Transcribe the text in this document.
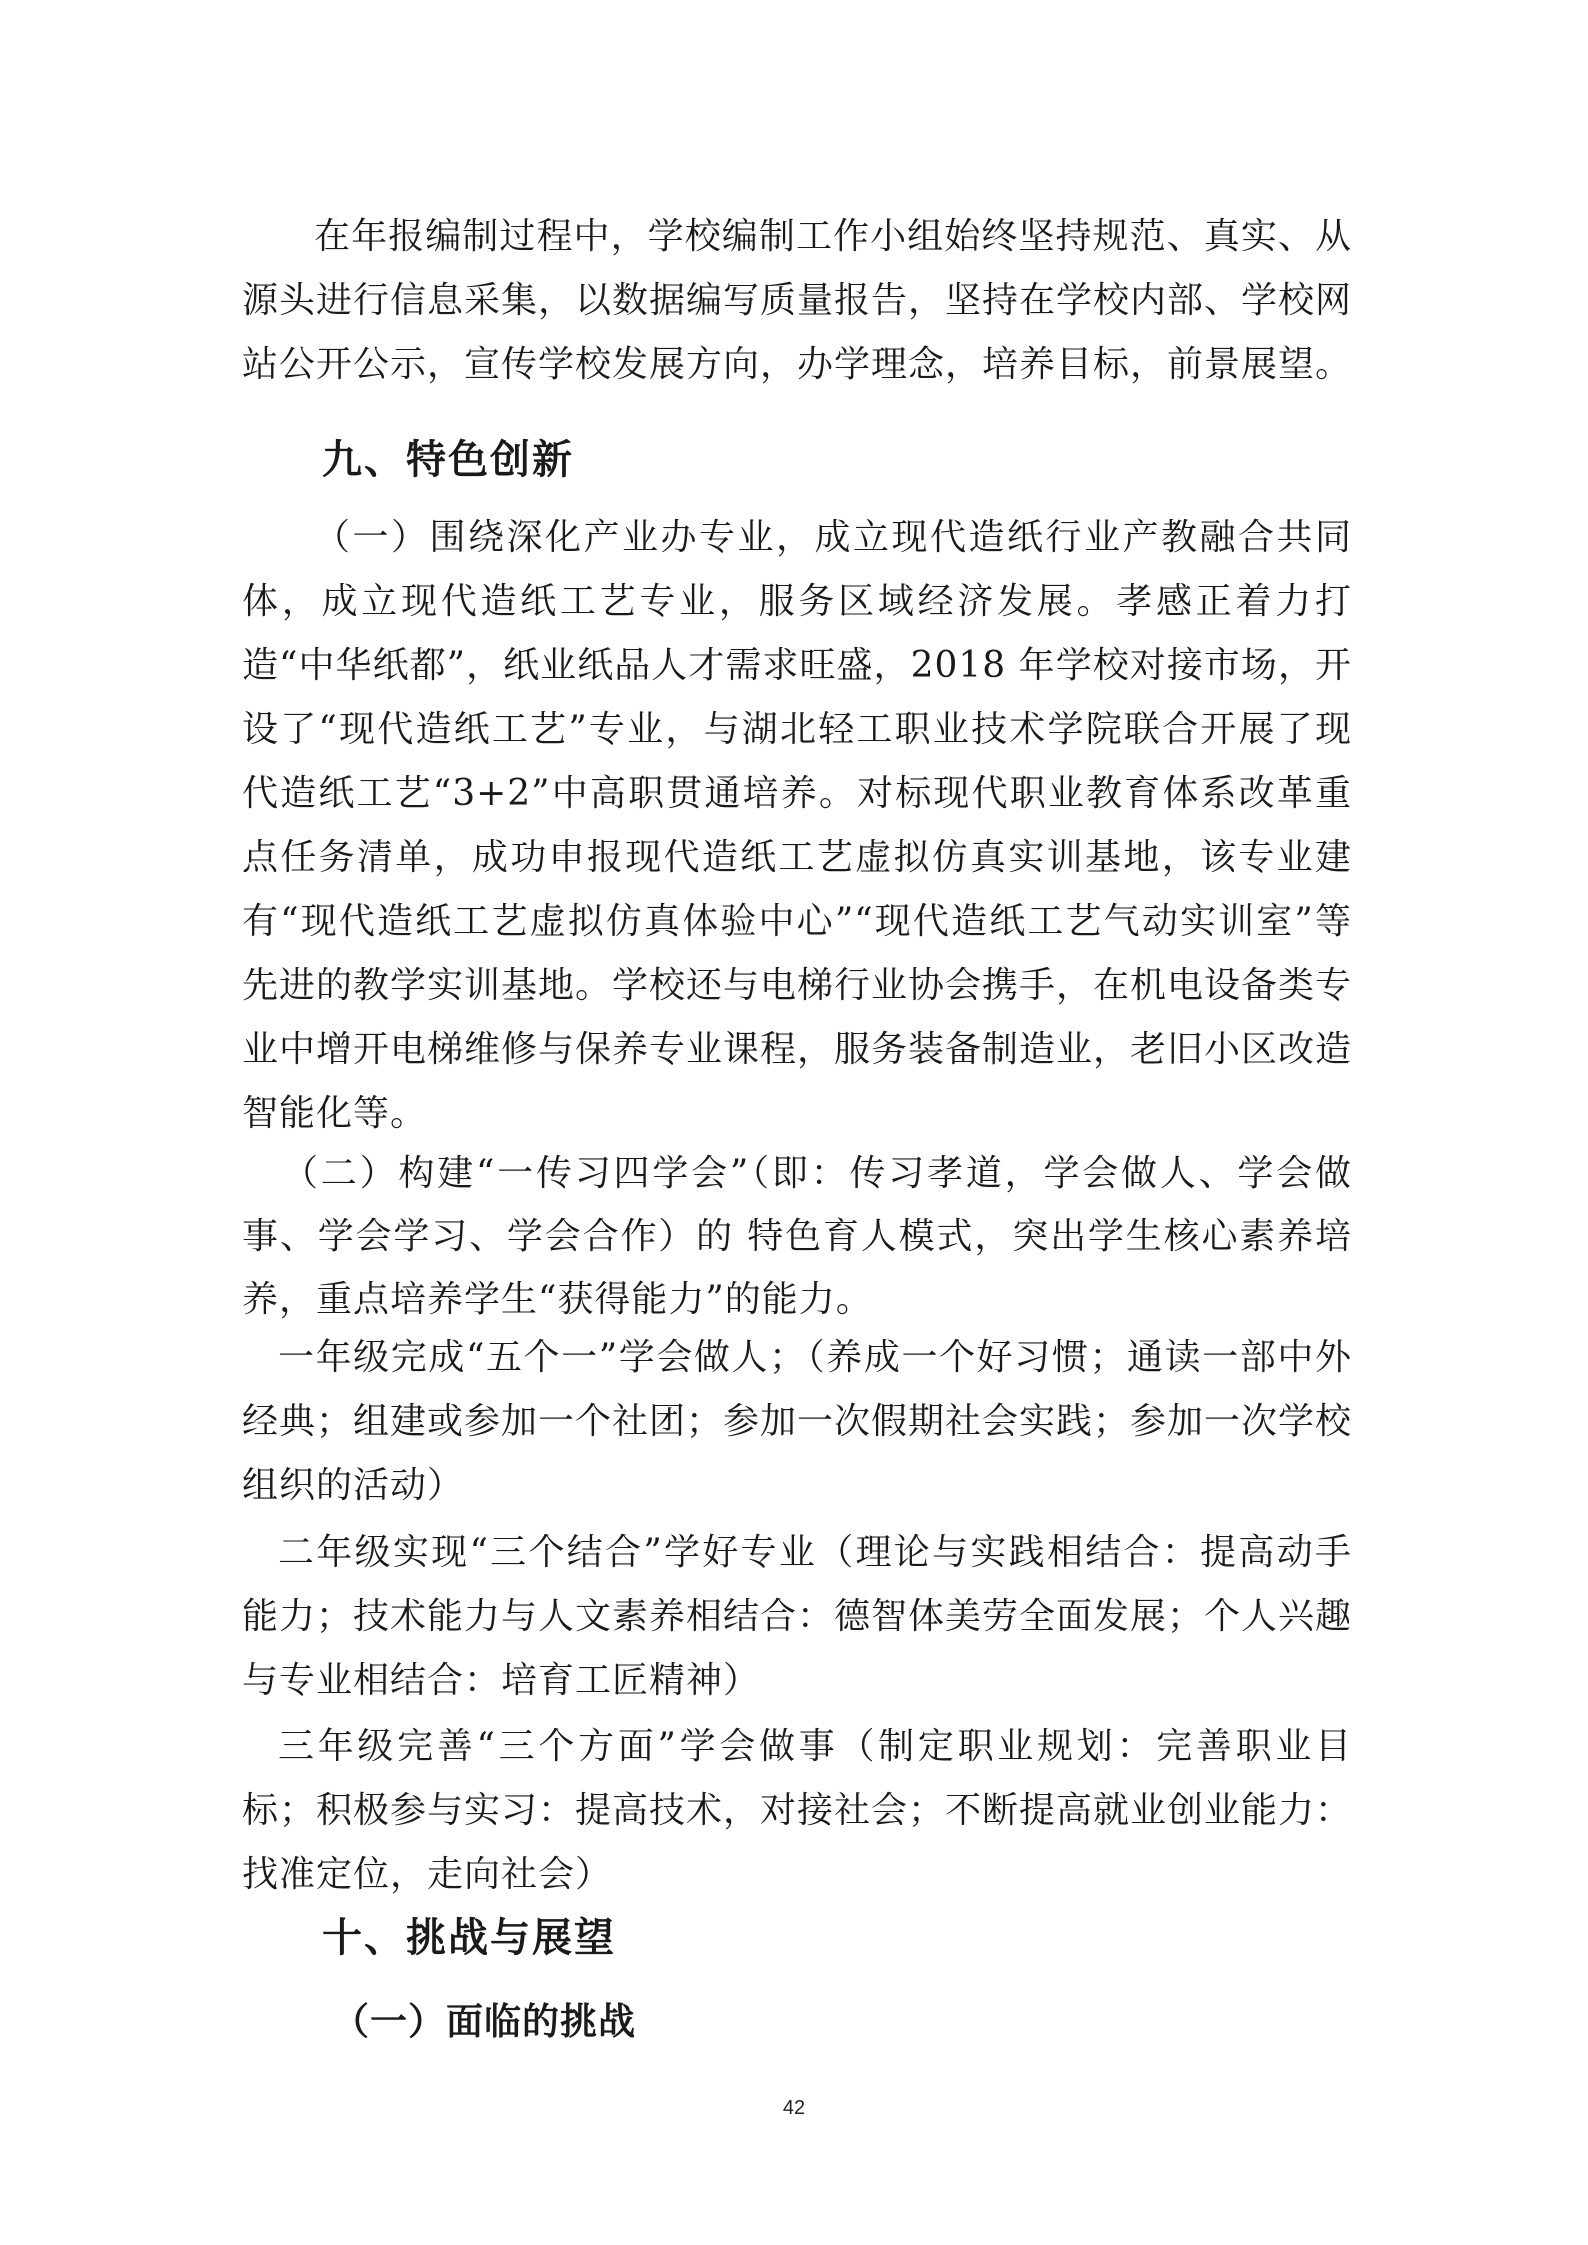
在年报编制过程中，学校编制工作小组始终坚持规范、真实、从源头进行信息采集，以数据编写质量报告，坚持在学校内部、学校网站公开公示，宣传学校发展方向，办学理念，培养目标，前景展望。

九、特色创新

（一）围绕深化产业办专业，成立现代造纸行业产教融合共同体，成立现代造纸工艺专业，服务区域经济发展。孝感正着力打造“中华纸都”，纸业纸品人才需求旺盛，2018 年学校对接市场，开设了“现代造纸工艺”专业，与湖北轻工职业技术学院联合开展了现代造纸工艺“3+2”中高职贯通培养。对标现代职业教育体系改革重点任务清单，成功申报现代造纸工艺虚拟仿真实训基地，该专业建有“现代造纸工艺虚拟仿真体验中心”“现代造纸工艺气动实训室”等先进的教学实训基地。学校还与电梯行业协会携手，在机电设备类专业中增开电梯维修与保养专业课程，服务装备制造业，老旧小区改造智能化等。

（二）构建“一传习四学会”（即：传习孝道，学会做人、学会做事、学会学习、学会合作）的 特色育人模式，突出学生核心素养培养，重点培养学生“获得能力”的能力。

一年级完成“五个一”学会做人；（养成一个好习惯；通读一部中外经典；组建或参加一个社团；参加一次假期社会实践；参加一次学校组织的活动）

二年级实现“三个结合”学好专业（理论与实践相结合：提高动手能力；技术能力与人文素养相结合：德智体美劳全面发展；个人兴趣与专业相结合：培育工匠精神）

三年级完善“三个方面”学会做事（制定职业规划：完善职业目标；积极参与实习：提高技术，对接社会；不断提高就业创业能力：找准定位，走向社会）

十、挑战与展望
（一）面临的挑战
42
